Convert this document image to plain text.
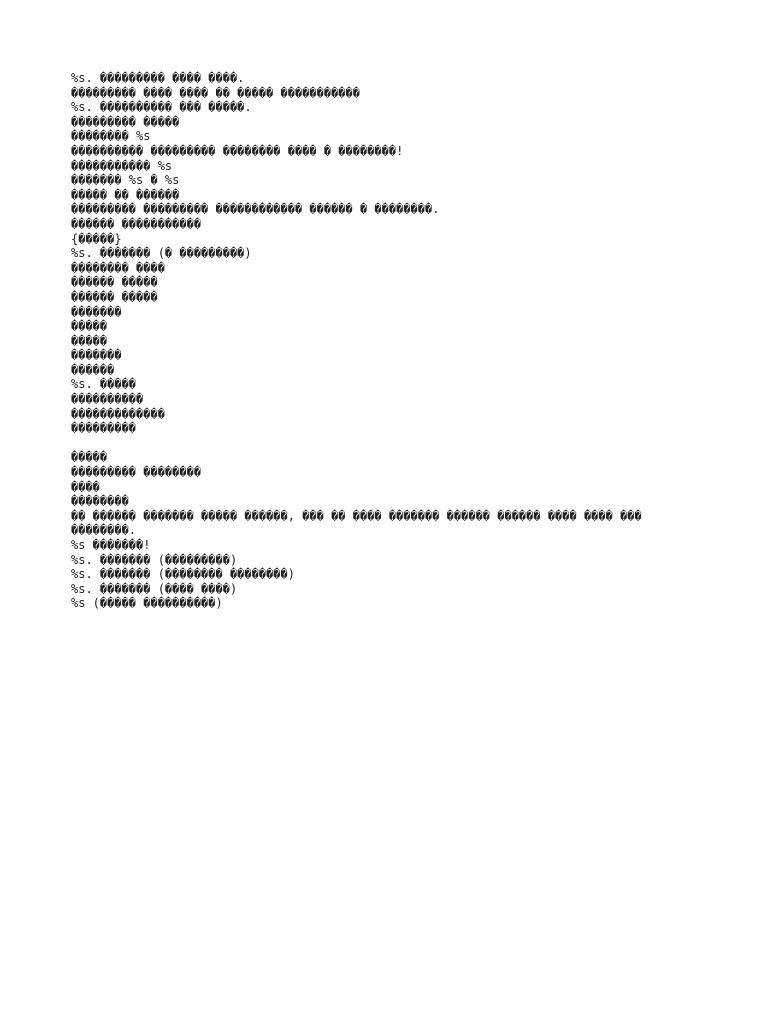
%s. ��������� ���� ����.
��������� ���� ���� �� ����� �����������
%s. ���������� ��� �����.
��������� �����
�������� %s
���������� ��������� �������� ���� � ��������!
����������� %s
������� %s � %s
����� �� ������
��������� ��������� ������������ ������ � ��������.
������ �����������
{�����}
%s. ������� (� ���������)
�������� ����
������ �����
������ �����
�������
�����
�����
�������
������
%s. �����
����������
�������������
���������
�����
��������� ��������
����
��������
�� ������ ������� ����� ������, ��� �� ���� ������� ������ ������ ���� ���� ���
��������.
%s �������!
%s. ������� (���������)
%s. ������� (�������� ��������)
%s. ������� (���� ����)
%s (����� ����������)
